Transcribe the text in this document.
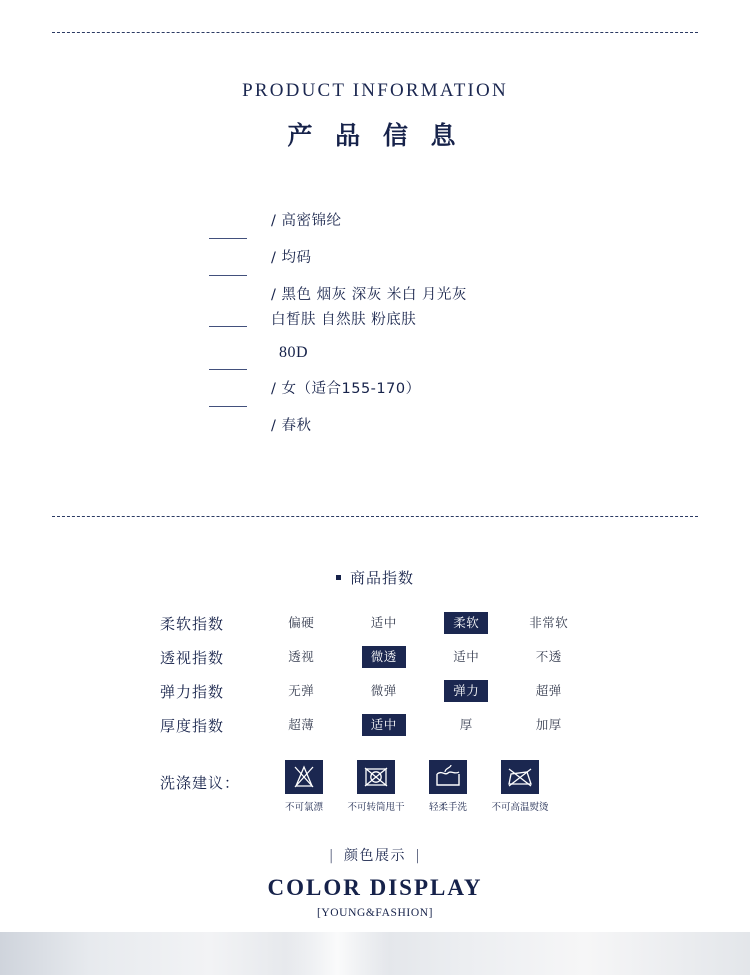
PRODUCT INFORMATION
产 品 信 息
面料	/ 高密锦纶
尺码	/ 均码
颜色
/ 黑色 烟灰 深灰 米白 月光灰
白皙肤 自然肤 粉底肤
厚度	80D
性别	/ 女（适合155-170）
季节	/ 春秋
商品指数
柔软指数	偏硬	适中	柔软	非常软
透视指数	透视	微透	适中	不透
弹力指数	无弹	微弹	弹力	超弹
厚度指数	超薄	适中	厚	加厚
洗涤建议：
不可氯漂	不可转筒甩干	轻柔手洗	不可高温熨烫
| 颜色展示 |
COLOR DISPLAY
[YOUNG&FASHION]
